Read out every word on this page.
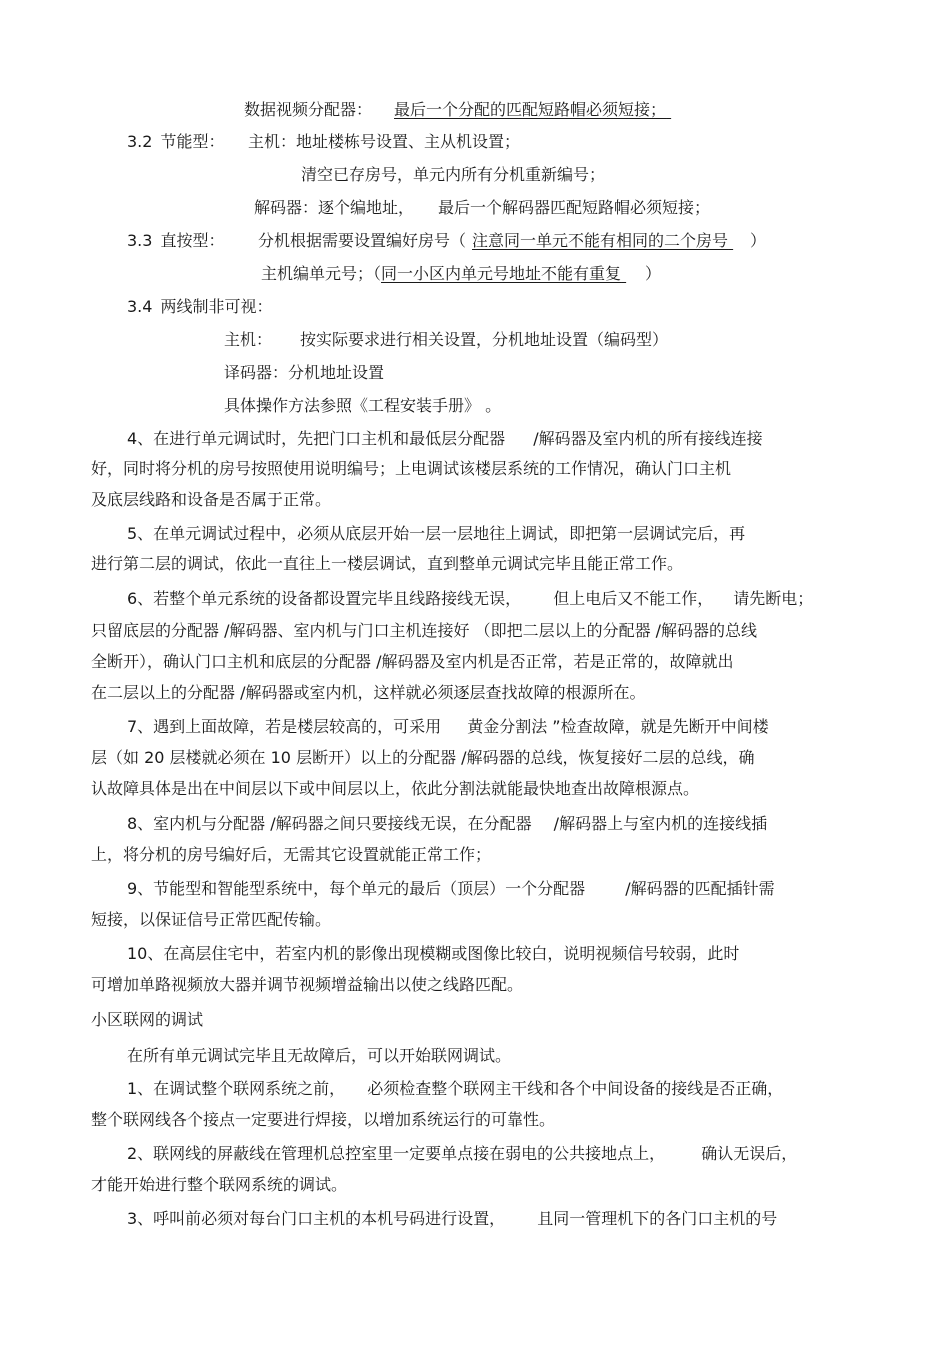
数据视频分配器： 最后一个分配的匹配短路帽必须短接；
3.2 节能型： 主机：地址楼栋号设置、主从机设置；
清空已存房号，单元内所有分机重新编号；
解码器：逐个编地址， 最后一个解码器匹配短路帽必须短接；
3.3 直按型： 分机根据需要设置编好房号（ 注意同一单元不能有相同的二个房号 ）
主机编单元号；（同一小区内单元号地址不能有重复 ）
3.4 两线制非可视：
主机： 按实际要求进行相关设置，分机地址设置（编码型）
译码器：分机地址设置
具体操作方法参照《工程安装手册》 。
4、在进行单元调试时，先把门口主机和最低层分配器 /解码器及室内机的所有接线连接
好，同时将分机的房号按照使用说明编号；上电调试该楼层系统的工作情况，确认门口主机
及底层线路和设备是否属于正常。
5、在单元调试过程中，必须从底层开始一层一层地往上调试，即把第一层调试完后，再
进行第二层的调试，依此一直往上一楼层调试，直到整单元调试完毕且能正常工作。
6、若整个单元系统的设备都设置完毕且线路接线无误， 但上电后又不能工作， 请先断电；
只留底层的分配器 /解码器、室内机与门口主机连接好 （即把二层以上的分配器 /解码器的总线
全断开），确认门口主机和底层的分配器 /解码器及室内机是否正常，若是正常的，故障就出
在二层以上的分配器 /解码器或室内机，这样就必须逐层查找故障的根源所在。
7、遇到上面故障，若是楼层较高的，可采用 黄金分割法 ”检查故障，就是先断开中间楼
层（如 20 层楼就必须在 10 层断开）以上的分配器 /解码器的总线，恢复接好二层的总线，确
认故障具体是出在中间层以下或中间层以上，依此分割法就能最快地查出故障根源点。
8、室内机与分配器 /解码器之间只要接线无误，在分配器 /解码器上与室内机的连接线插
上，将分机的房号编好后，无需其它设置就能正常工作；
9、节能型和智能型系统中，每个单元的最后（顶层）一个分配器	/解码器的匹配插针需
短接，以保证信号正常匹配传输。
10、在高层住宅中，若室内机的影像出现模糊或图像比较白，说明视频信号较弱，此时
可增加单路视频放大器并调节视频增益输出以使之线路匹配。
小区联网的调试
在所有单元调试完毕且无故障后，可以开始联网调试。
1、在调试整个联网系统之前， 必须检查整个联网主干线和各个中间设备的接线是否正确，
整个联网线各个接点一定要进行焊接，以增加系统运行的可靠性。
2、联网线的屏蔽线在管理机总控室里一定要单点接在弱电的公共接地点上， 确认无误后，
才能开始进行整个联网系统的调试。
3、呼叫前必须对每台门口主机的本机号码进行设置， 且同一管理机下的各门口主机的号
